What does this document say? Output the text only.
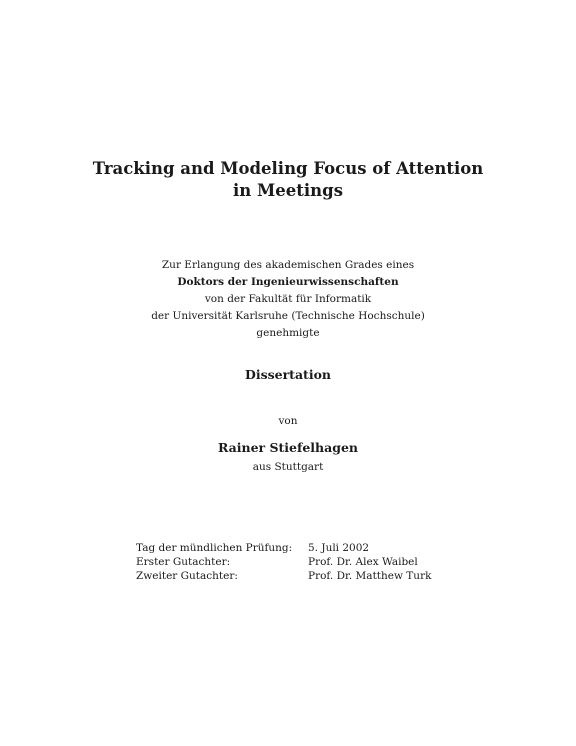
Tracking and Modeling Focus of Attention
in Meetings
Zur Erlangung des akademischen Grades eines
Doktors der Ingenieurwissenschaften
von der Fakultät für Informatik
der Universität Karlsruhe (Technische Hochschule)
genehmigte
Dissertation
von
Rainer Stiefelhagen
aus Stuttgart
Tag der mündlichen Prüfung:	5. Juli 2002
Erster Gutachter:	Prof. Dr. Alex Waibel
Zweiter Gutachter:	Prof. Dr. Matthew Turk
